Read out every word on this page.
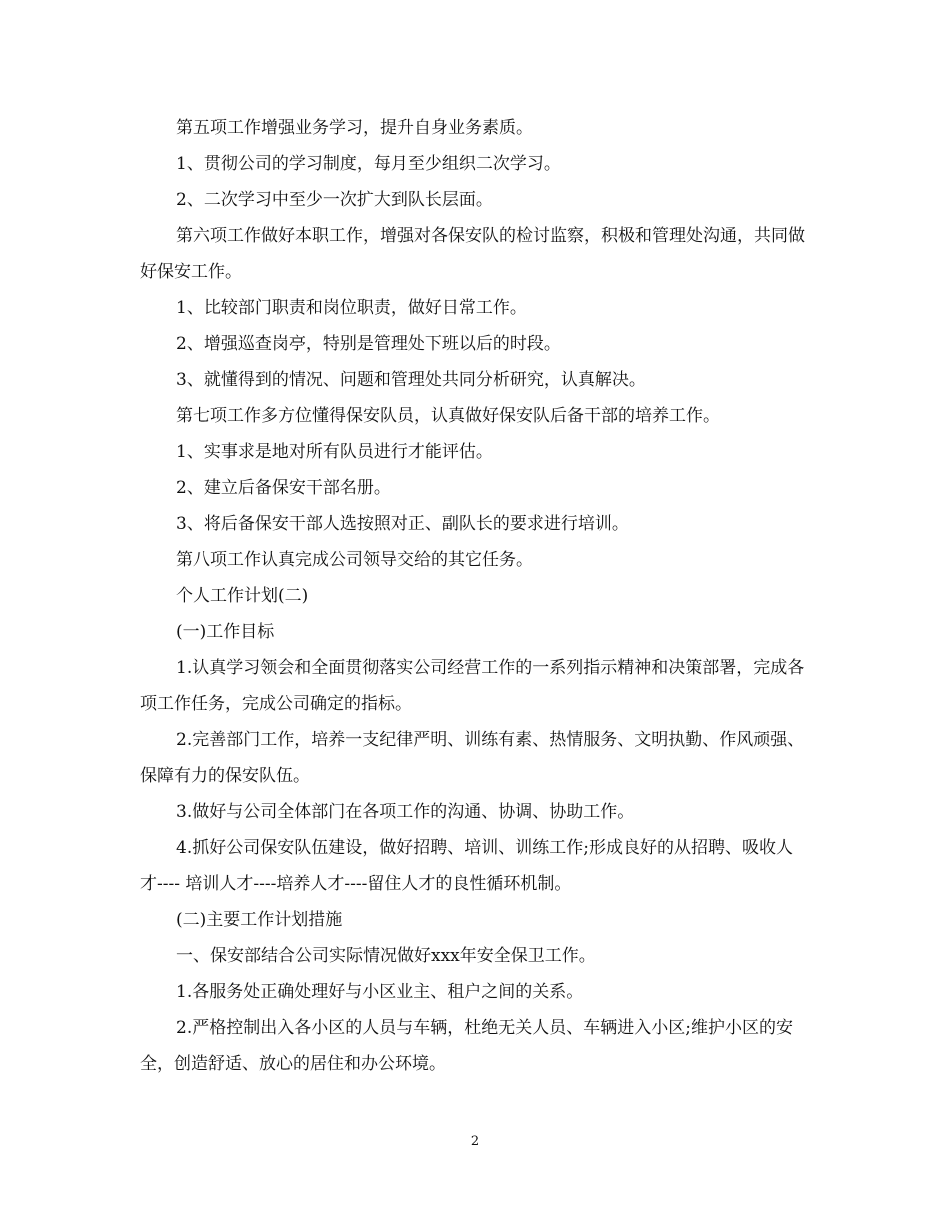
第五项工作增强业务学习，提升自身业务素质。

1、贯彻公司的学习制度，每月至少组织二次学习。

2、二次学习中至少一次扩大到队长层面。

第六项工作做好本职工作，增强对各保安队的检讨监察，积极和管理处沟通，共同做好保安工作。

1、比较部门职责和岗位职责，做好日常工作。

2、增强巡查岗亭，特别是管理处下班以后的时段。

3、就懂得到的情况、问题和管理处共同分析研究，认真解决。

第七项工作多方位懂得保安队员，认真做好保安队后备干部的培养工作。

1、实事求是地对所有队员进行才能评估。

2、建立后备保安干部名册。

3、将后备保安干部人选按照对正、副队长的要求进行培训。

第八项工作认真完成公司领导交给的其它任务。

个人工作计划(二)

(一)工作目标

1.认真学习领会和全面贯彻落实公司经营工作的一系列指示精神和决策部署，完成各项工作任务，完成公司确定的指标。

2.完善部门工作，培养一支纪律严明、训练有素、热情服务、文明执勤、作风顽强、保障有力的保安队伍。

3.做好与公司全体部门在各项工作的沟通、协调、协助工作。

4.抓好公司保安队伍建设，做好招聘、培训、训练工作;形成良好的从招聘、吸收人才---- 培训人才----培养人才----留住人才的良性循环机制。

(二)主要工作计划措施

一、保安部结合公司实际情况做好xxx年安全保卫工作。

1.各服务处正确处理好与小区业主、租户之间的关系。

2.严格控制出入各小区的人员与车辆，杜绝无关人员、车辆进入小区;维护小区的安全，创造舒适、放心的居住和办公环境。

2
